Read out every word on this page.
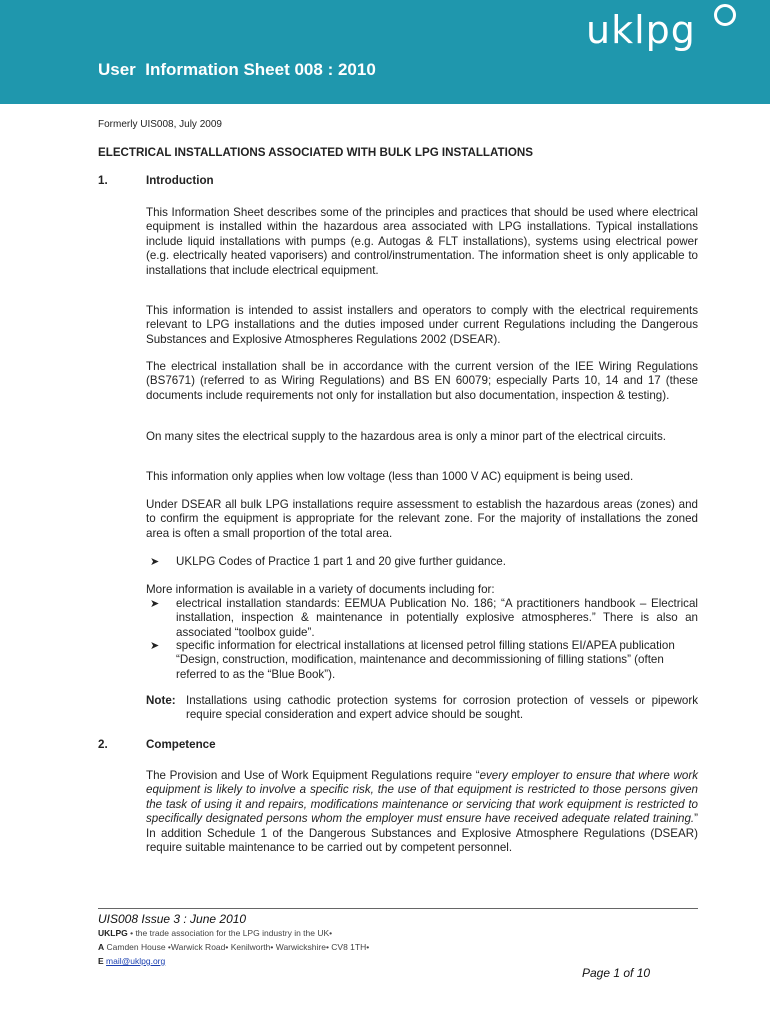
User  Information Sheet 008 : 2010
uklpg
Formerly UIS008, July 2009
ELECTRICAL INSTALLATIONS ASSOCIATED WITH BULK LPG INSTALLATIONS
1.	Introduction

This Information Sheet describes some of the principles and practices that should be used where electrical equipment is installed within the hazardous area associated with LPG installations. Typical installations include liquid installations with pumps (e.g. Autogas & FLT installations), systems using electrical power (e.g. electrically heated vaporisers) and control/instrumentation. The information sheet is only applicable to installations that include electrical equipment.

This information is intended to assist installers and operators to comply with the electrical requirements relevant to LPG installations and the duties imposed under current Regulations including the Dangerous Substances and Explosive Atmospheres Regulations 2002 (DSEAR).

The electrical installation shall be in accordance with the current version of the IEE Wiring Regulations (BS7671) (referred to as Wiring Regulations) and BS EN 60079; especially Parts 10, 14 and 17 (these documents include requirements not only for installation but also documentation, inspection & testing).

On many sites the electrical supply to the hazardous area is only a minor part of the electrical circuits.

This information only applies when low voltage (less than 1000 V AC) equipment is being used.

Under DSEAR all bulk LPG installations require assessment to establish the hazardous areas (zones) and to confirm the equipment is appropriate for the relevant zone. For the majority of installations the zoned area is often a small proportion of the total area.

➤ UKLPG Codes of Practice 1 part 1 and 20 give further guidance.

More information is available in a variety of documents including for:

➤ electrical installation standards: EEMUA Publication No. 186; “A practitioners handbook – Electrical installation, inspection & maintenance in potentially explosive atmospheres.” There is also an associated “toolbox guide”.
➤ specific information for electrical installations at licensed petrol filling stations EI/APEA publication “Design, construction, modification, maintenance and decommissioning of filling stations” (often referred to as the “Blue Book”).
Note: Installations using cathodic protection systems for corrosion protection of vessels or pipework require special consideration and expert advice should be sought.
2.	Competence

The Provision and Use of Work Equipment Regulations require “every employer to ensure that where work equipment is likely to involve a specific risk, the use of that equipment is restricted to those persons given the task of using it and repairs, modifications maintenance or servicing that work equipment is restricted to specifically designated persons whom the employer must ensure have received adequate related training.” In addition Schedule 1 of the Dangerous Substances and Explosive Atmosphere Regulations (DSEAR) require suitable maintenance to be carried out by competent personnel.

UIS008 Issue 3 : June 2010
UKLPG • the trade association for the LPG industry in the UK•
A Camden House •Warwick Road• Kenilworth• Warwickshire• CV8 1TH•
E mail@uklpg.org
Page 1 of 10
